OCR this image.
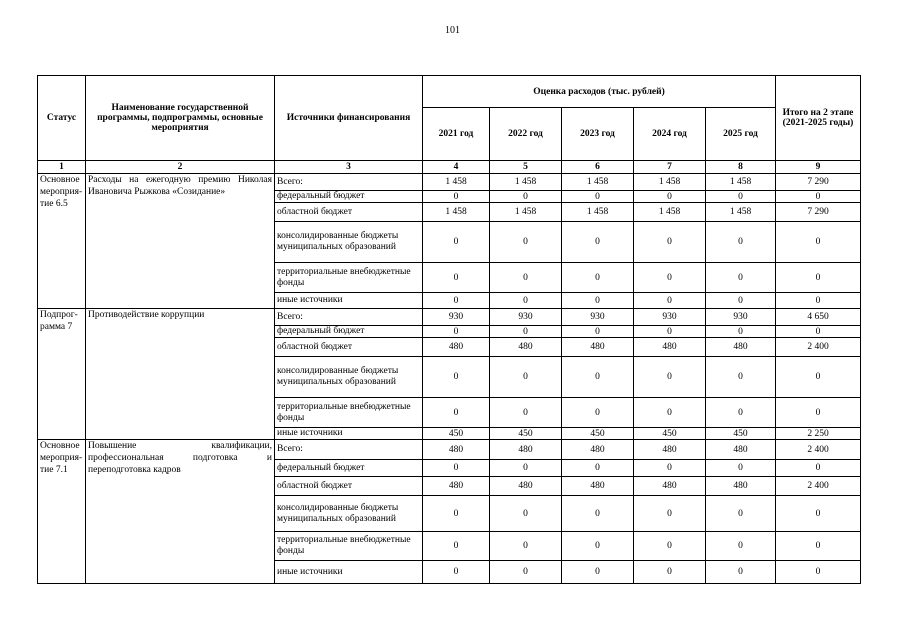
101
Статус	Наименование государственной программы, подпрограммы, основные мероприятия	Источники финансирования	Оценка расходов (тыс. рублей)					Итого на 2 этапе (2021-2025 годы)
			2021 год	2022 год	2023 год	2024 год	2025 год	
1	2	3	4	5	6	7	8	9
Основное мероприя-тие 6.5	Расходы на ежегодную премию Николая Ивановича Рыжкова «Созидание»	Всего:	1 458	1 458	1 458	1 458	1 458	7 290
		федеральный бюджет	0	0	0	0	0	0
		областной бюджет	1 458	1 458	1 458	1 458	1 458	7 290
		консолидированные бюджеты муниципальных образований	0	0	0	0	0	0
		территориальные внебюджетные фонды	0	0	0	0	0	0
		иные источники	0	0	0	0	0	0
Подпрог-рамма 7	Противодействие коррупции	Всего:	930	930	930	930	930	4 650
		федеральный бюджет	0	0	0	0	0	0
		областной бюджет	480	480	480	480	480	2 400
		консолидированные бюджеты муниципальных образований	0	0	0	0	0	0
		территориальные внебюджетные фонды	0	0	0	0	0	0
		иные источники	450	450	450	450	450	2 250
Основное мероприя-тие 7.1	Повышение квалификации, профессиональная подготовка и переподготовка кадров	Всего:	480	480	480	480	480	2 400
		федеральный бюджет	0	0	0	0	0	0
		областной бюджет	480	480	480	480	480	2 400
		консолидированные бюджеты муниципальных образований	0	0	0	0	0	0
		территориальные внебюджетные фонды	0	0	0	0	0	0
		иные источники	0	0	0	0	0	0
